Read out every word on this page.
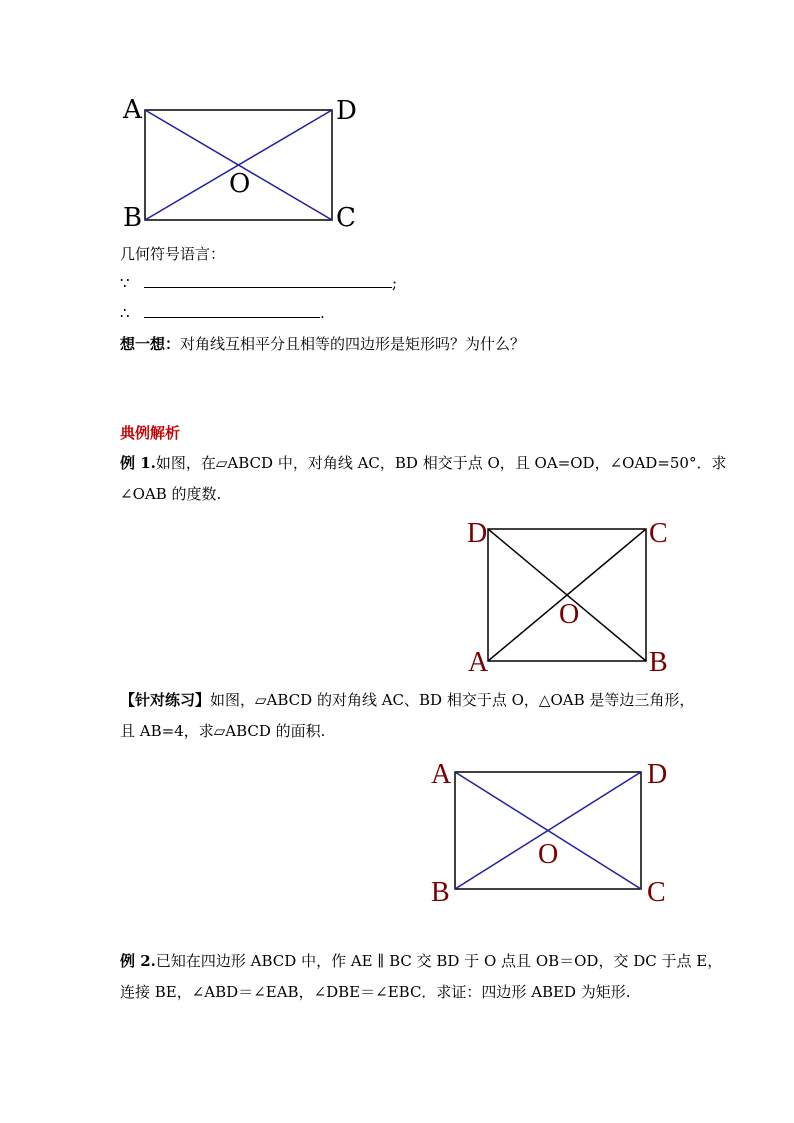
A	D
B	C
O
几何符号语言：
∵	;
∴	.
想一想：对角线互相平分且相等的四边形是矩形吗？为什么？
典例解析
例 1.如图，在▱ABCD 中，对角线 AC，BD 相交于点 O，且 OA=OD，∠OAD=50°．求
∠OAB 的度数.
D	C
A	B
O
【针对练习】如图，▱ABCD 的对角线 AC、BD 相交于点 O，△OAB 是等边三角形，
且 AB=4，求▱ABCD 的面积.
A	D
B	C
O
例 2.已知在四边形 ABCD 中，作 AE ∥ BC 交 BD 于 O 点且 OB＝OD，交 DC 于点 E，
连接 BE，∠ABD＝∠EAB，∠DBE＝∠EBC．求证：四边形 ABED 为矩形.
